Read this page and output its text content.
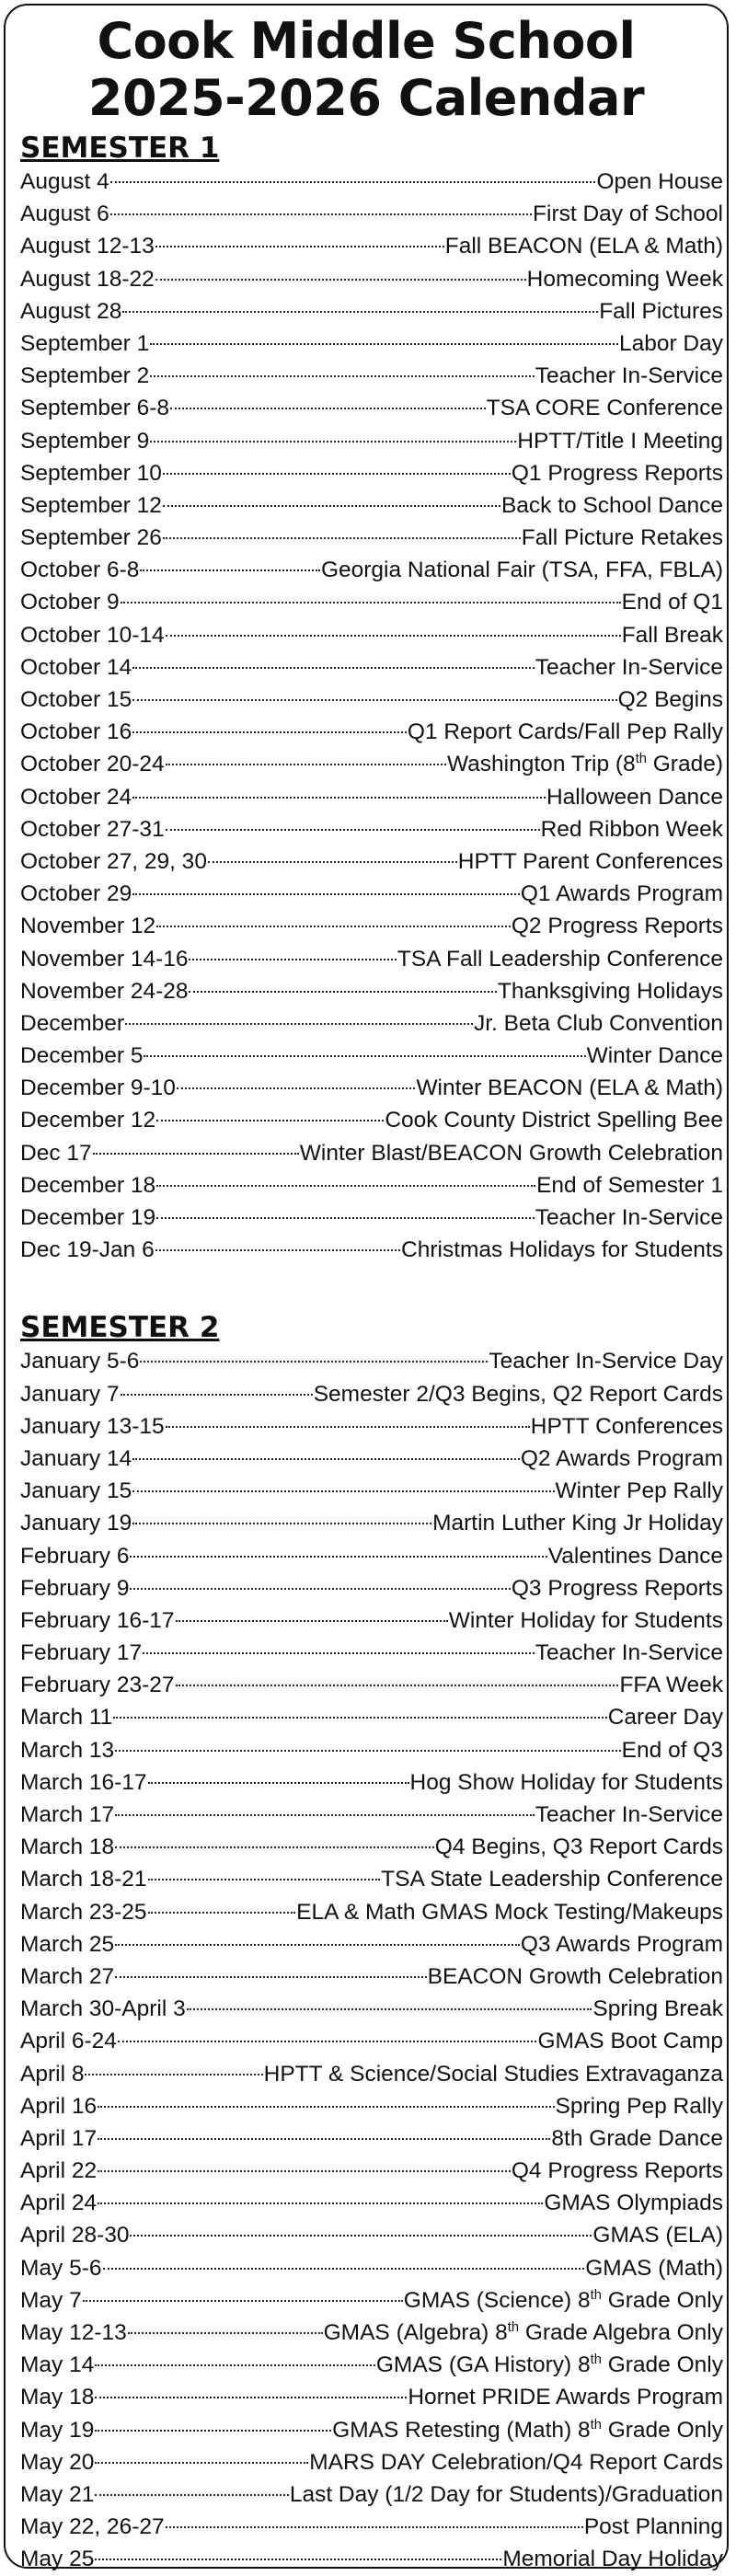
Cook Middle School
2025-2026 Calendar
SEMESTER 1
August 4	Open House
August 6	First Day of School
August 12-13	Fall BEACON (ELA & Math)
August 18-22	Homecoming Week
August 28	Fall Pictures
September 1	Labor Day
September 2	Teacher In-Service
September 6-8	TSA CORE Conference
September 9	HPTT/Title I Meeting
September 10	Q1 Progress Reports
September 12	Back to School Dance
September 26	Fall Picture Retakes
October 6-8	Georgia National Fair (TSA, FFA, FBLA)
October 9	End of Q1
October 10-14	Fall Break
October 14	Teacher In-Service
October 15	Q2 Begins
October 16	Q1 Report Cards/Fall Pep Rally
October 20-24	Washington Trip (8th Grade)
October 24	Halloween Dance
October 27-31	Red Ribbon Week
October 27, 29, 30	HPTT Parent Conferences
October 29	Q1 Awards Program
November 12	Q2 Progress Reports
November 14-16	TSA Fall Leadership Conference
November 24-28	Thanksgiving Holidays
December	Jr. Beta Club Convention
December 5	Winter Dance
December 9-10	Winter BEACON (ELA & Math)
December 12	Cook County District Spelling Bee
Dec 17	Winter Blast/BEACON Growth Celebration
December 18	End of Semester 1
December 19	Teacher In-Service
Dec 19-Jan 6	Christmas Holidays for Students
SEMESTER 2
January 5-6	Teacher In-Service Day
January 7	Semester 2/Q3 Begins, Q2 Report Cards
January 13-15	HPTT Conferences
January 14	Q2 Awards Program
January 15	Winter Pep Rally
January 19	Martin Luther King Jr Holiday
February 6	Valentines Dance
February 9	Q3 Progress Reports
February 16-17	Winter Holiday for Students
February 17	Teacher In-Service
February 23-27	FFA Week
March 11	Career Day
March 13	End of Q3
March 16-17	Hog Show Holiday for Students
March 17	Teacher In-Service
March 18	Q4 Begins, Q3 Report Cards
March 18-21	TSA State Leadership Conference
March 23-25	ELA & Math GMAS Mock Testing/Makeups
March 25	Q3 Awards Program
March 27	BEACON Growth Celebration
March 30-April 3	Spring Break
April 6-24	GMAS Boot Camp
April 8	HPTT & Science/Social Studies Extravaganza
April 16	Spring Pep Rally
April 17	8th Grade Dance
April 22	Q4 Progress Reports
April 24	GMAS Olympiads
April 28-30	GMAS (ELA)
May 5-6	GMAS (Math)
May 7	GMAS (Science) 8th Grade Only
May 12-13	GMAS (Algebra) 8th Grade Algebra Only
May 14	GMAS (GA History) 8th Grade Only
May 18	Hornet PRIDE Awards Program
May 19	GMAS Retesting (Math) 8th Grade Only
May 20	MARS DAY Celebration/Q4 Report Cards
May 21	Last Day (1/2 Day for Students)/Graduation
May 22, 26-27	Post Planning
May 25	Memorial Day Holiday
